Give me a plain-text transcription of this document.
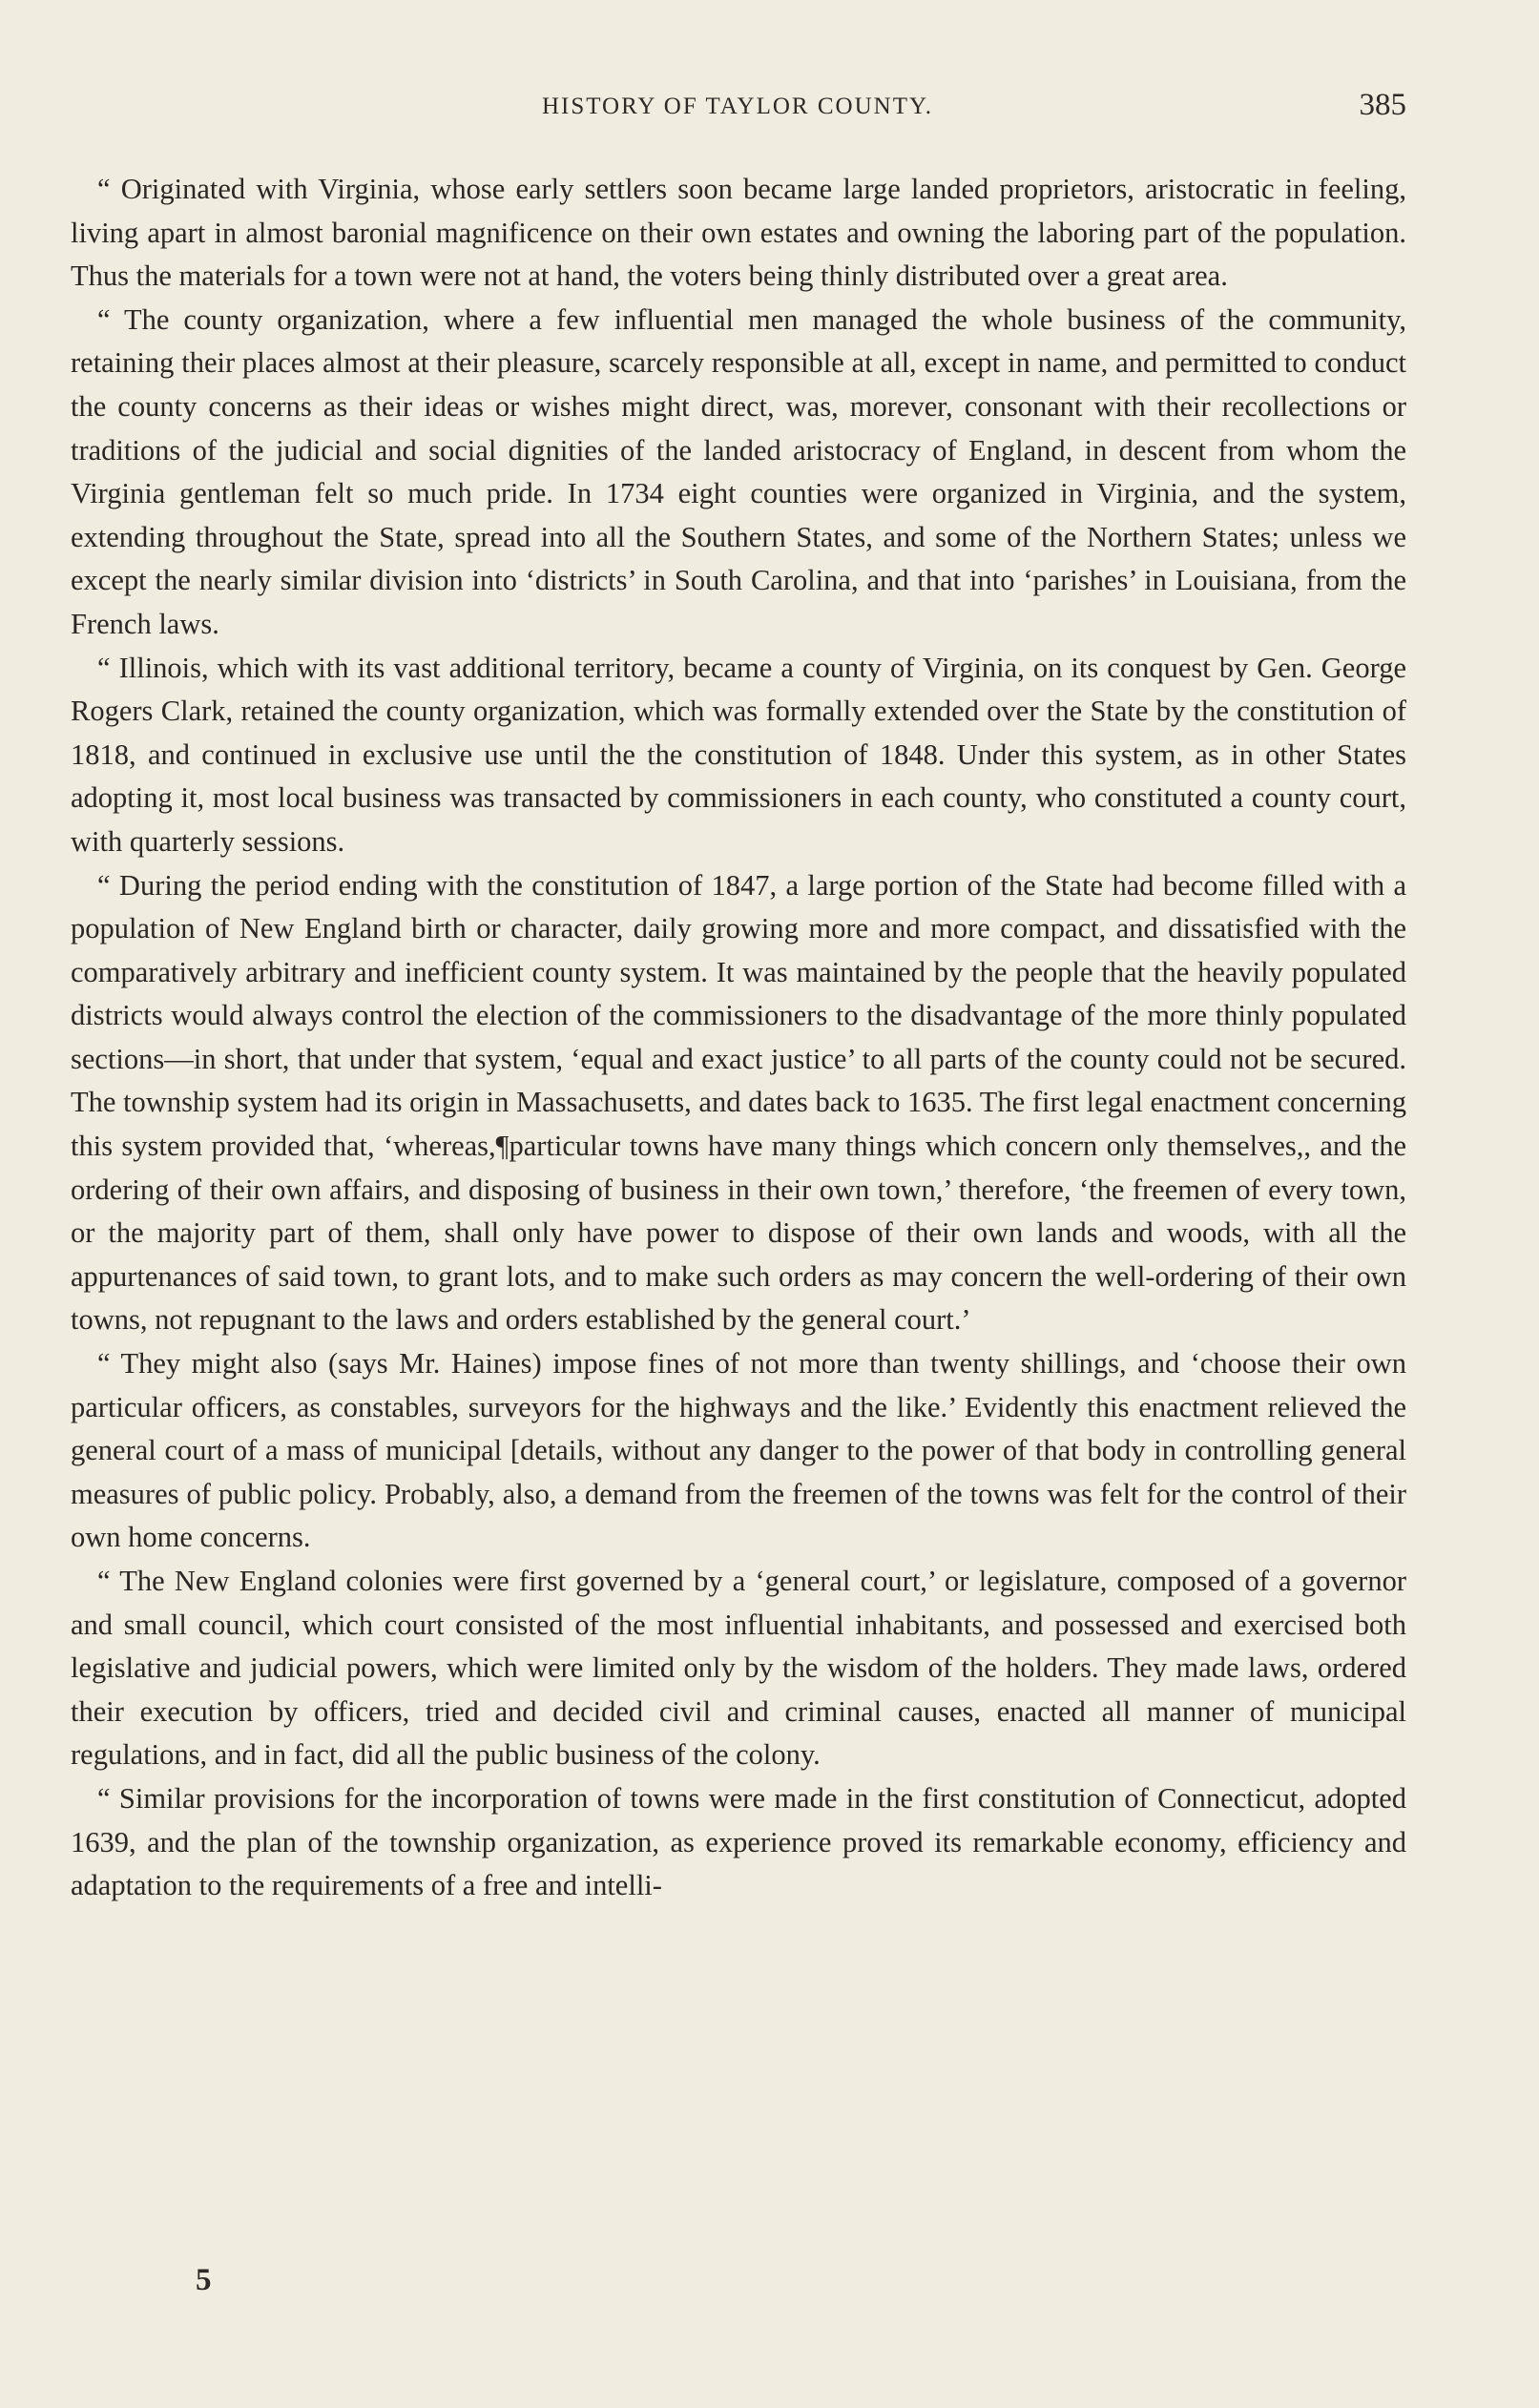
HISTORY OF TAYLOR COUNTY.	385

“ Originated with Virginia, whose early settlers soon became large landed proprietors, aristocratic in feeling, living apart in almost baronial magnificence on their own estates and owning the laboring part of the population. Thus the materials for a town were not at hand, the voters being thinly distributed over a great area.

“ The county organization, where a few influential men managed the whole business of the community, retaining their places almost at their pleasure, scarcely responsible at all, except in name, and permitted to conduct the county concerns as their ideas or wishes might direct, was, morever, consonant with their recollections or traditions of the judicial and social dignities of the landed aristocracy of England, in descent from whom the Virginia gentleman felt so much pride. In 1734 eight counties were organized in Virginia, and the system, extending throughout the State, spread into all the Southern States, and some of the Northern States; unless we except the nearly similar division into ‘districts’ in South Carolina, and that into ‘parishes’ in Louisiana, from the French laws.

“ Illinois, which with its vast additional territory, became a county of Virginia, on its conquest by Gen. George Rogers Clark, retained the county organization, which was formally extended over the State by the constitution of 1818, and continued in exclusive use until the the constitution of 1848. Under this system, as in other States adopting it, most local business was transacted by commissioners in each county, who constituted a county court, with quarterly sessions.

“ During the period ending with the constitution of 1847, a large portion of the State had become filled with a population of New England birth or character, daily growing more and more compact, and dissatisfied with the comparatively arbitrary and inefficient county system. It was maintained by the people that the heavily populated districts would always control the election of the commissioners to the disadvantage of the more thinly populated sections—in short, that under that system, ‘equal and exact justice’ to all parts of the county could not be secured. The township system had its origin in Massachusetts, and dates back to 1635. The first legal enactment concerning this system provided that, ‘whereas,¶particular towns have many things which concern only themselves,, and the ordering of their own affairs, and disposing of business in their own town,’ therefore, ‘the freemen of every town, or the majority part of them, shall only have power to dispose of their own lands and woods, with all the appurtenances of said town, to grant lots, and to make such orders as may concern the well-ordering of their own towns, not repugnant to the laws and orders established by the general court.’

“ They might also (says Mr. Haines) impose fines of not more than twenty shillings, and ‘choose their own particular officers, as constables, surveyors for the highways and the like.’ Evidently this enactment relieved the general court of a mass of municipal [details, without any danger to the power of that body in controlling general measures of public policy. Probably, also, a demand from the freemen of the towns was felt for the control of their own home concerns.

“ The New England colonies were first governed by a ‘general court,’ or legislature, composed of a governor and small council, which court consisted of the most influential inhabitants, and possessed and exercised both legislative and judicial powers, which were limited only by the wisdom of the holders. They made laws, ordered their execution by officers, tried and decided civil and criminal causes, enacted all manner of municipal regulations, and in fact, did all the public business of the colony.

“ Similar provisions for the incorporation of towns were made in the first constitution of Connecticut, adopted 1639, and the plan of the township organization, as experience proved its remarkable economy, efficiency and adaptation to the requirements of a free and intelli-

5
